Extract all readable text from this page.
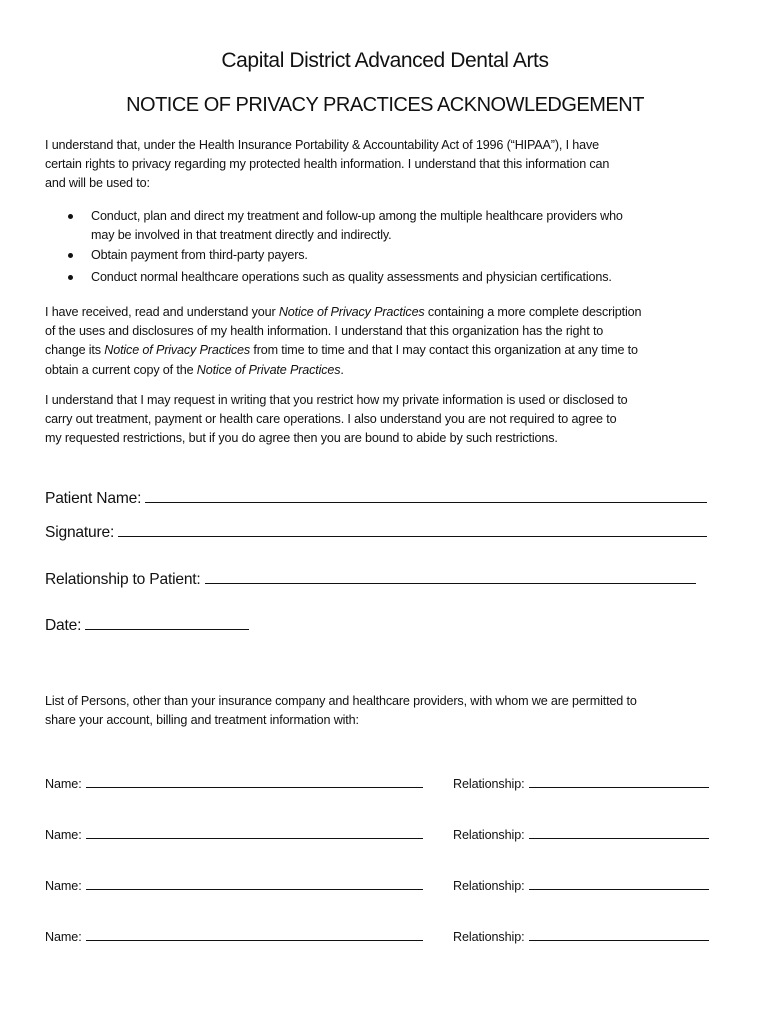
Capital District Advanced Dental Arts
NOTICE OF PRIVACY PRACTICES ACKNOWLEDGEMENT
I understand that, under the Health Insurance Portability & Accountability Act of 1996 (“HIPAA”), I have
certain rights to privacy regarding my protected health information. I understand that this information can
and will be used to:
Conduct, plan and direct my treatment and follow-up among the multiple healthcare providers who
may be involved in that treatment directly and indirectly.
Obtain payment from third-party payers.
Conduct normal healthcare operations such as quality assessments and physician certifications.
I have received, read and understand your Notice of Privacy Practices containing a more complete description
of the uses and disclosures of my health information. I understand that this organization has the right to
change its Notice of Privacy Practices from time to time and that I may contact this organization at any time to
obtain a current copy of the Notice of Private Practices.
I understand that I may request in writing that you restrict how my private information is used or disclosed to
carry out treatment, payment or health care operations. I also understand you are not required to agree to
my requested restrictions, but if you do agree then you are bound to abide by such restrictions.
Patient Name:
Signature:
Relationship to Patient:
Date:
List of Persons, other than your insurance company and healthcare providers, with whom we are permitted to
share your account, billing and treatment information with:
Name:	Relationship:
Name:	Relationship:
Name:	Relationship:
Name:	Relationship:
